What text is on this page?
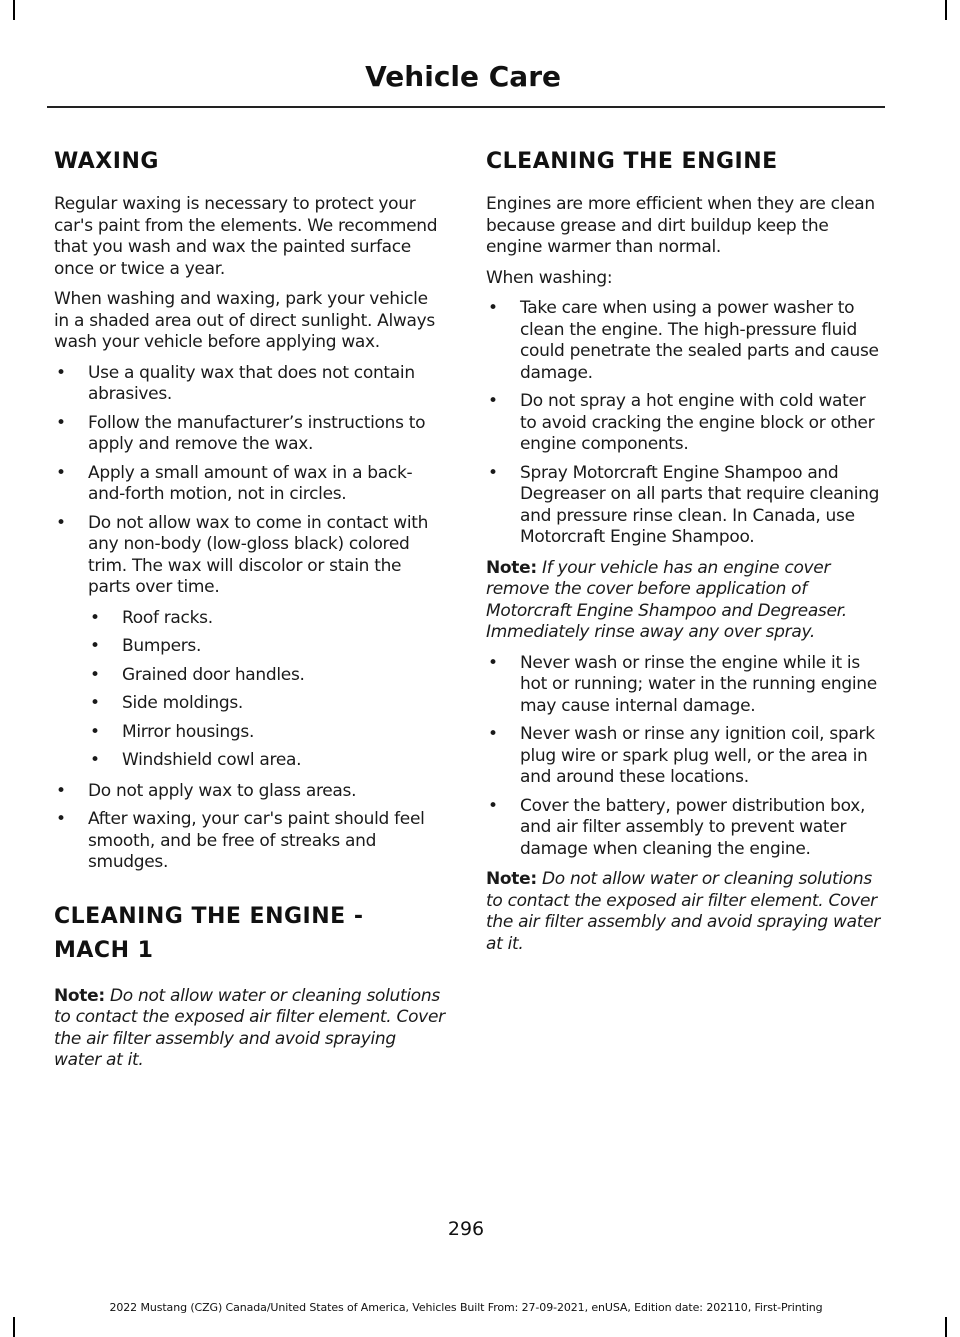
Vehicle Care
WAXING

Regular waxing is necessary to protect your car's paint from the elements. We recommend that you wash and wax the painted surface once or twice a year.

When washing and waxing, park your vehicle in a shaded area out of direct sunlight. Always wash your vehicle before applying wax.

• Use a quality wax that does not contain abrasives.
• Follow the manufacturer’s instructions to apply and remove the wax.
• Apply a small amount of wax in a back-and-forth motion, not in circles.
• Do not allow wax to come in contact with any non-body (low-gloss black) colored trim. The wax will discolor or stain the parts over time.
• Roof racks.
• Bumpers.
• Grained door handles.
• Side moldings.
• Mirror housings.
• Windshield cowl area.
• Do not apply wax to glass areas.
• After waxing, your car's paint should feel smooth, and be free of streaks and smudges.
CLEANING THE ENGINE - MACH 1

Note: Do not allow water or cleaning solutions to contact the exposed air filter element. Cover the air filter assembly and avoid spraying water at it.

CLEANING THE ENGINE

Engines are more efficient when they are clean because grease and dirt buildup keep the engine warmer than normal.

When washing:

• Take care when using a power washer to clean the engine. The high-pressure fluid could penetrate the sealed parts and cause damage.
• Do not spray a hot engine with cold water to avoid cracking the engine block or other engine components.
• Spray Motorcraft Engine Shampoo and Degreaser on all parts that require cleaning and pressure rinse clean. In Canada, use Motorcraft Engine Shampoo.

Note: If your vehicle has an engine cover remove the cover before application of Motorcraft Engine Shampoo and Degreaser. Immediately rinse away any over spray.

• Never wash or rinse the engine while it is hot or running; water in the running engine may cause internal damage.
• Never wash or rinse any ignition coil, spark plug wire or spark plug well, or the area in and around these locations.
• Cover the battery, power distribution box, and air filter assembly to prevent water damage when cleaning the engine.

Note: Do not allow water or cleaning solutions to contact the exposed air filter element. Cover the air filter assembly and avoid spraying water at it.

296
2022 Mustang (CZG) Canada/United States of America, Vehicles Built From: 27-09-2021, enUSA, Edition date: 202110, First-Printing
